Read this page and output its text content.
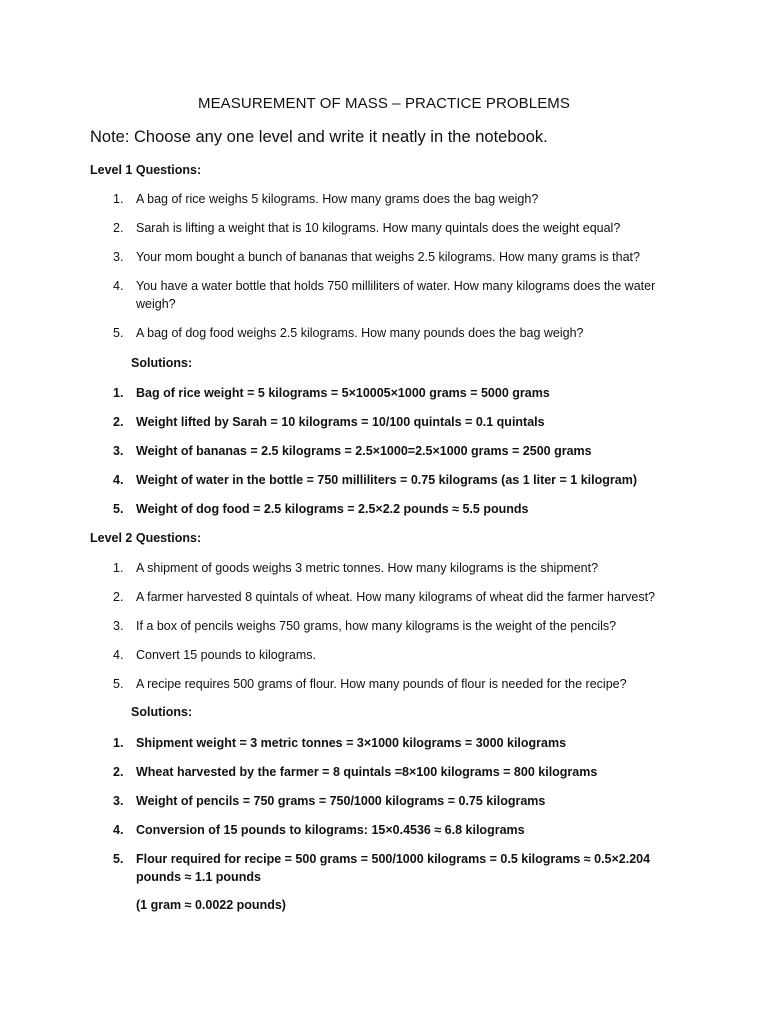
MEASUREMENT OF MASS – PRACTICE PROBLEMS
Note: Choose any one level and write it neatly in the notebook.
Level 1 Questions:
1. A bag of rice weighs 5 kilograms. How many grams does the bag weigh?
2. Sarah is lifting a weight that is 10 kilograms. How many quintals does the weight equal?
3. Your mom bought a bunch of bananas that weighs 2.5 kilograms. How many grams is that?
4. You have a water bottle that holds 750 milliliters of water. How many kilograms does the water weigh?
5. A bag of dog food weighs 2.5 kilograms. How many pounds does the bag weigh?
Solutions:
1. Bag of rice weight = 5 kilograms = 5×10005×1000 grams = 5000 grams
2. Weight lifted by Sarah = 10 kilograms = 10/100 quintals = 0.1 quintals
3. Weight of bananas = 2.5 kilograms = 2.5×1000=2.5×1000 grams = 2500 grams
4. Weight of water in the bottle = 750 milliliters = 0.75 kilograms (as 1 liter = 1 kilogram)
5. Weight of dog food = 2.5 kilograms = 2.5×2.2 pounds ≈ 5.5 pounds
Level 2 Questions:
1. A shipment of goods weighs 3 metric tonnes. How many kilograms is the shipment?
2. A farmer harvested 8 quintals of wheat. How many kilograms of wheat did the farmer harvest?
3. If a box of pencils weighs 750 grams, how many kilograms is the weight of the pencils?
4. Convert 15 pounds to kilograms.
5. A recipe requires 500 grams of flour. How many pounds of flour is needed for the recipe?
Solutions:
1. Shipment weight = 3 metric tonnes = 3×1000 kilograms = 3000 kilograms
2. Wheat harvested by the farmer = 8 quintals =8×100 kilograms = 800 kilograms
3. Weight of pencils = 750 grams = 750/1000 kilograms = 0.75 kilograms
4. Conversion of 15 pounds to kilograms: 15×0.4536 ≈ 6.8 kilograms
5. Flour required for recipe = 500 grams = 500/1000 kilograms = 0.5 kilograms ≈ 0.5×2.204 pounds ≈ 1.1 pounds
(1 gram ≈ 0.0022 pounds)
